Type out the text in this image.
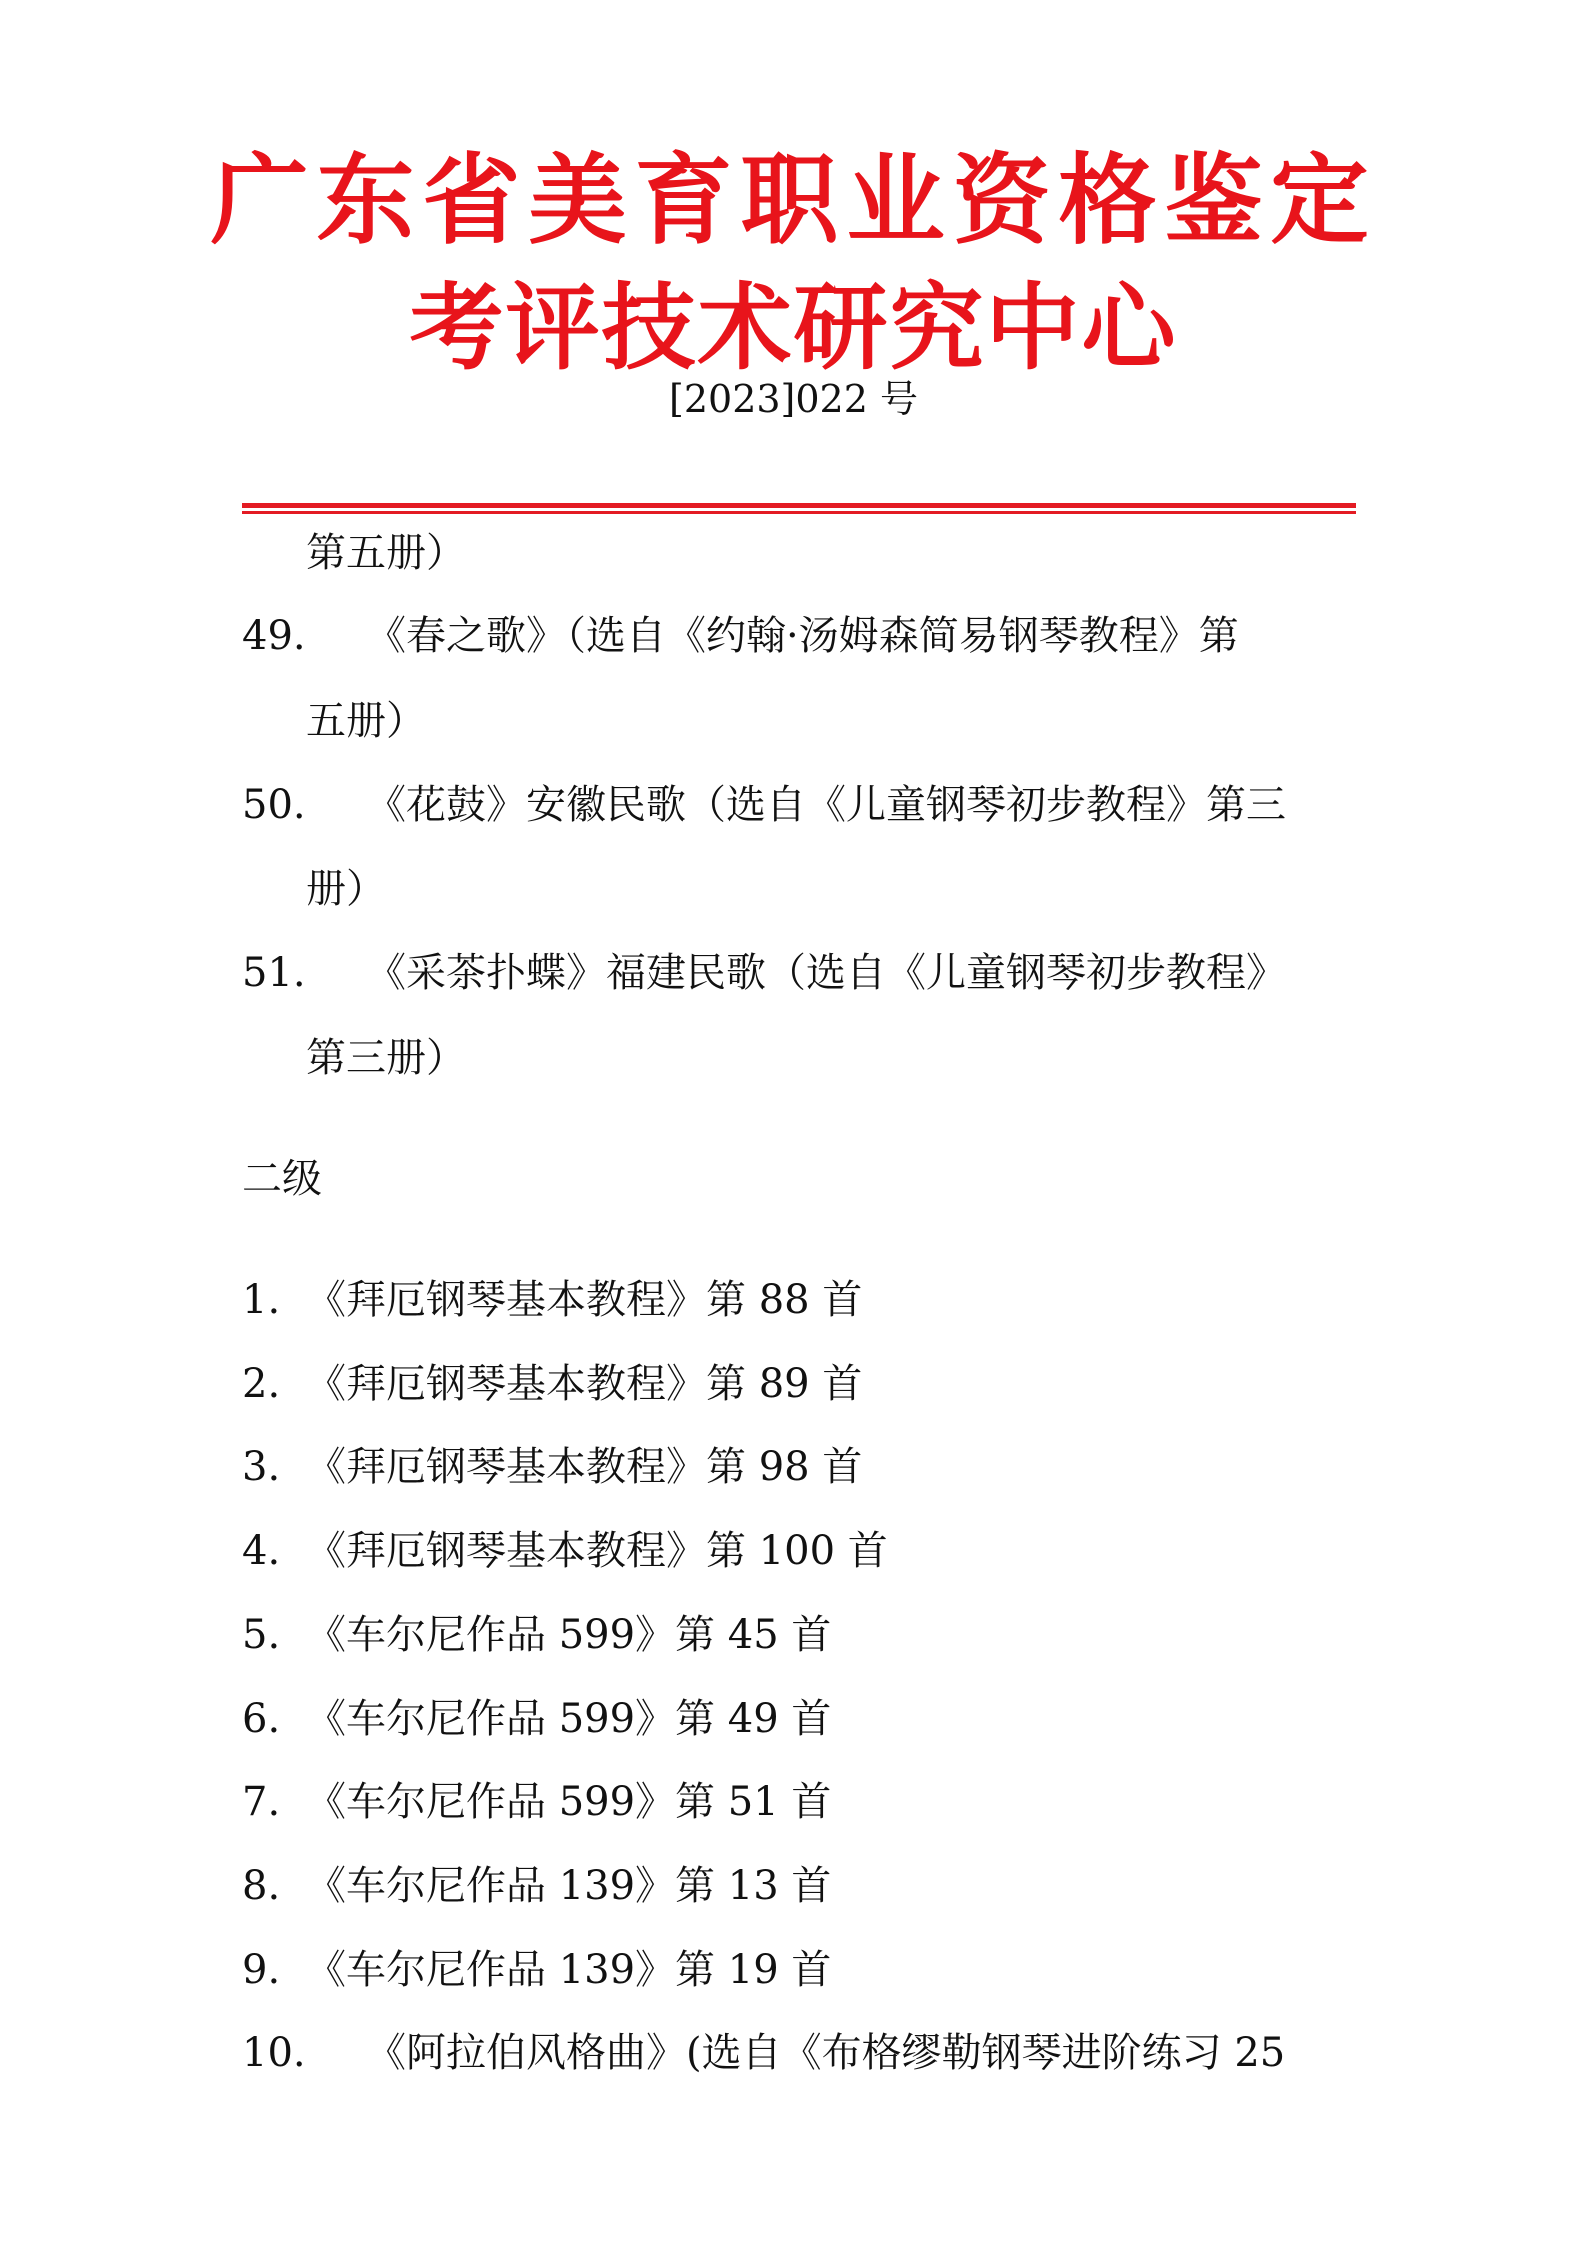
广东省美育职业资格鉴定
考评技术研究中心
[2023]022 号
第五册）
49. 《春之歌》（选自《约翰·汤姆森简易钢琴教程》第
五册）
50. 《花鼓》安徽民歌（选自《儿童钢琴初步教程》第三
册）
51. 《采茶扑蝶》福建民歌（选自《儿童钢琴初步教程》
第三册）
二级
1. 《拜厄钢琴基本教程》第 88 首
2. 《拜厄钢琴基本教程》第 89 首
3. 《拜厄钢琴基本教程》第 98 首
4. 《拜厄钢琴基本教程》第 100 首
5. 《车尔尼作品 599》第 45 首
6. 《车尔尼作品 599》第 49 首
7. 《车尔尼作品 599》第 51 首
8. 《车尔尼作品 139》第 13 首
9. 《车尔尼作品 139》第 19 首
10. 《阿拉伯风格曲》(选自《布格缪勒钢琴进阶练习 25
